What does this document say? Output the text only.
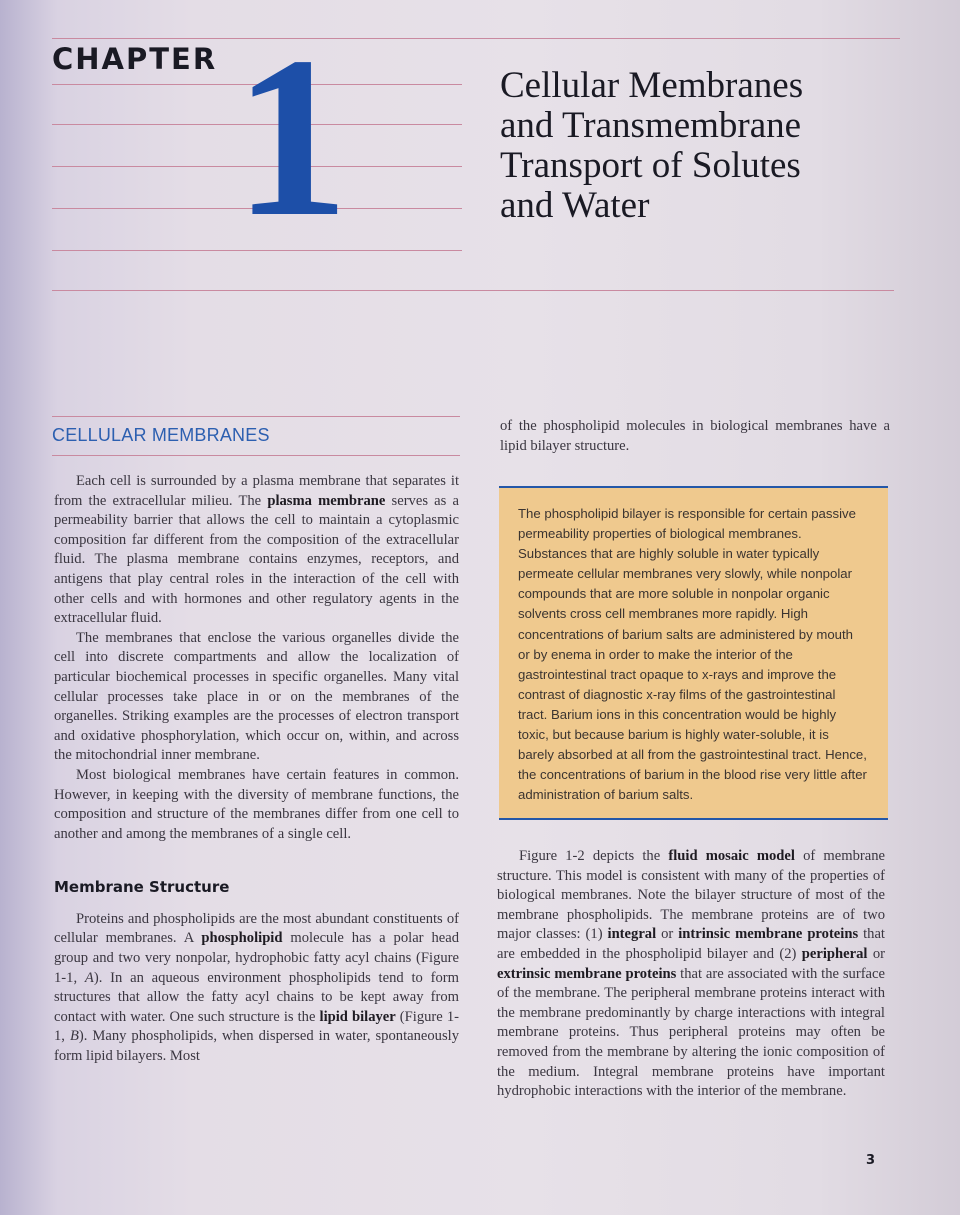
CHAPTER 1	Cellular Membranes
and Transmembrane
Transport of Solutes
and Water
CELLULAR MEMBRANES

Each cell is surrounded by a plasma membrane that separates it from the extracellular milieu. The plasma membrane serves as a permeability barrier that allows the cell to maintain a cytoplasmic composition far different from the composition of the extracellular fluid. The plasma membrane contains enzymes, receptors, and antigens that play central roles in the interaction of the cell with other cells and with hormones and other regulatory agents in the extracellular fluid.

The membranes that enclose the various organelles divide the cell into discrete compartments and allow the localization of particular biochemical processes in specific organelles. Many vital cellular processes take place in or on the membranes of the organelles. Striking examples are the processes of electron transport and oxidative phosphorylation, which occur on, within, and across the mitochondrial inner membrane.

Most biological membranes have certain features in common. However, in keeping with the diversity of membrane functions, the composition and structure of the membranes differ from one cell to another and among the membranes of a single cell.

Membrane Structure

Proteins and phospholipids are the most abundant constituents of cellular membranes. A phospholipid molecule has a polar head group and two very nonpolar, hydrophobic fatty acyl chains (Figure 1-1, A). In an aqueous environment phospholipids tend to form structures that allow the fatty acyl chains to be kept away from contact with water. One such structure is the lipid bilayer (Figure 1-1, B). Many phospholipids, when dispersed in water, spontaneously form lipid bilayers. Most

of the phospholipid molecules in biological membranes have a lipid bilayer structure.

The phospholipid bilayer is responsible for certain passive permeability properties of biological membranes. Substances that are highly soluble in water typically permeate cellular membranes very slowly, while nonpolar compounds that are more soluble in nonpolar organic solvents cross cell membranes more rapidly. High concentrations of barium salts are administered by mouth or by enema in order to make the interior of the gastrointestinal tract opaque to x-rays and improve the contrast of diagnostic x-ray films of the gastrointestinal tract. Barium ions in this concentration would be highly toxic, but because barium is highly water-soluble, it is barely absorbed at all from the gastrointestinal tract. Hence, the concentrations of barium in the blood rise very little after administration of barium salts.

Figure 1-2 depicts the fluid mosaic model of membrane structure. This model is consistent with many of the properties of biological membranes. Note the bilayer structure of most of the membrane phospholipids. The membrane proteins are of two major classes: (1) integral or intrinsic membrane proteins that are embedded in the phospholipid bilayer and (2) peripheral or extrinsic membrane proteins that are associated with the surface of the membrane. The peripheral membrane proteins interact with the membrane predominantly by charge interactions with integral membrane proteins. Thus peripheral proteins may often be removed from the membrane by altering the ionic composition of the medium. Integral membrane proteins have important hydrophobic interactions with the interior of the membrane.

3
